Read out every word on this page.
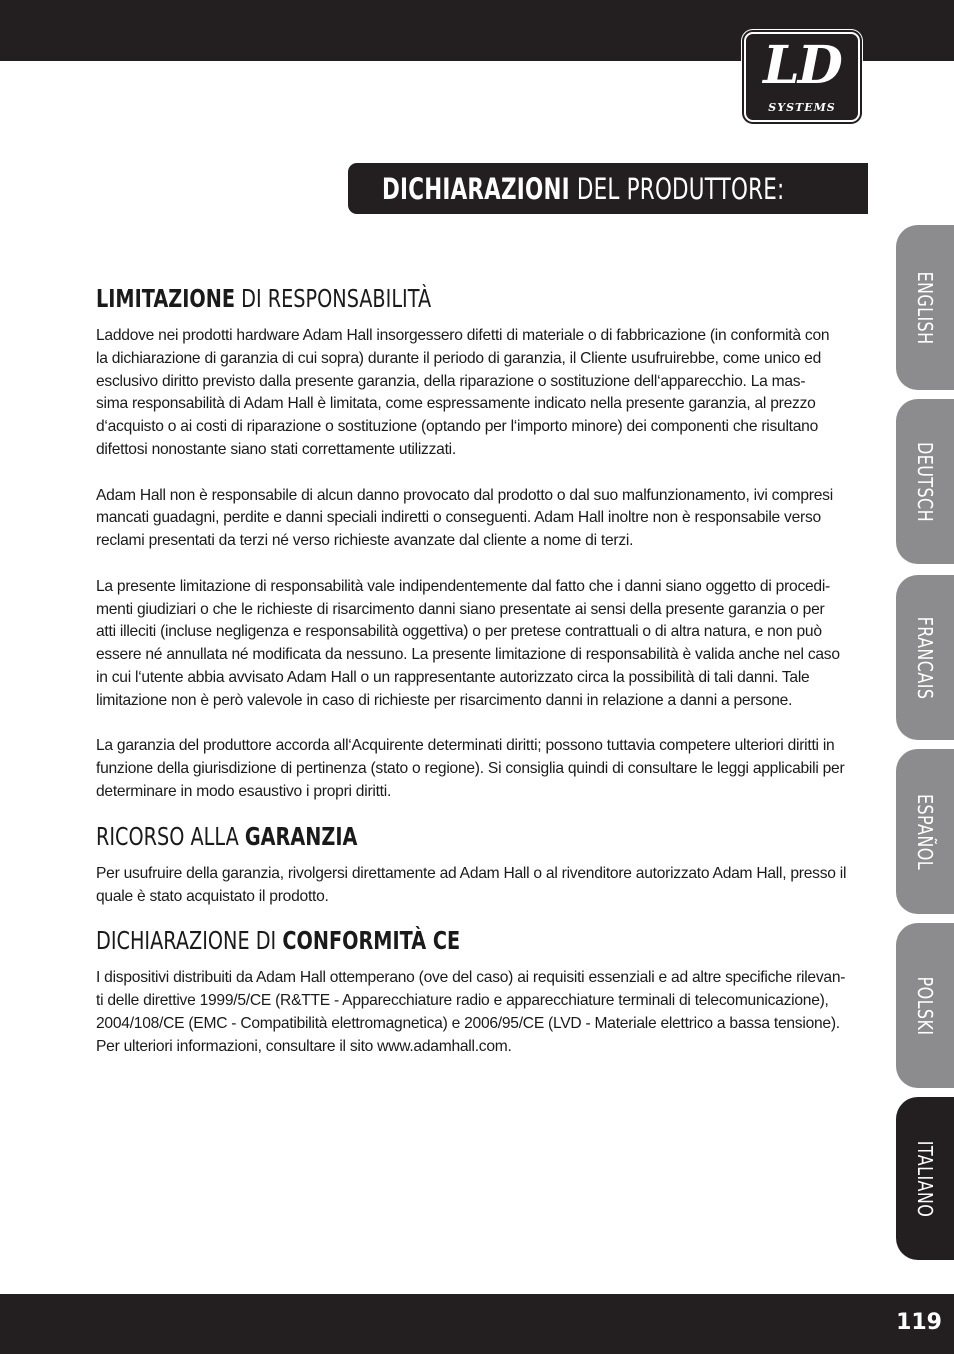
LD
SYSTEMS
DICHIARAZIONI DEL PRODUTTORE:
ENGLISH
DEUTSCH
FRANCAIS
ESPAÑOL
POLSKI
ITALIANO
LIMITAZIONE DI RESPONSABILITÀ

Laddove nei prodotti hardware Adam Hall insorgessero difetti di materiale o di fabbricazione (in conformità con

la dichiarazione di garanzia di cui sopra) durante il periodo di garanzia, il Cliente usufruirebbe, come unico ed

esclusivo diritto previsto dalla presente garanzia, della riparazione o sostituzione dell‘apparecchio. La mas-

sima responsabilità di Adam Hall è limitata, come espressamente indicato nella presente garanzia, al prezzo

d‘acquisto o ai costi di riparazione o sostituzione (optando per l‘importo minore) dei componenti che risultano

difettosi nonostante siano stati correttamente utilizzati.

Adam Hall non è responsabile di alcun danno provocato dal prodotto o dal suo malfunzionamento, ivi compresi

mancati guadagni, perdite e danni speciali indiretti o conseguenti. Adam Hall inoltre non è responsabile verso

reclami presentati da terzi né verso richieste avanzate dal cliente a nome di terzi.

La presente limitazione di responsabilità vale indipendentemente dal fatto che i danni siano oggetto di procedi-

menti giudiziari o che le richieste di risarcimento danni siano presentate ai sensi della presente garanzia o per

atti illeciti (incluse negligenza e responsabilità oggettiva) o per pretese contrattuali o di altra natura, e non può

essere né annullata né modificata da nessuno. La presente limitazione di responsabilità è valida anche nel caso

in cui l‘utente abbia avvisato Adam Hall o un rappresentante autorizzato circa la possibilità di tali danni. Tale

limitazione non è però valevole in caso di richieste per risarcimento danni in relazione a danni a persone.

La garanzia del produttore accorda all‘Acquirente determinati diritti; possono tuttavia competere ulteriori diritti in

funzione della giurisdizione di pertinenza (stato o regione). Si consiglia quindi di consultare le leggi applicabili per

determinare in modo esaustivo i propri diritti.

RICORSO ALLA GARANZIA

Per usufruire della garanzia, rivolgersi direttamente ad Adam Hall o al rivenditore autorizzato Adam Hall, presso il

quale è stato acquistato il prodotto.

DICHIARAZIONE DI CONFORMITÀ CE

I dispositivi distribuiti da Adam Hall ottemperano (ove del caso) ai requisiti essenziali e ad altre specifiche rilevan-

ti delle direttive 1999/5/CE (R&TTE - Apparecchiature radio e apparecchiature terminali di telecomunicazione),

2004/108/CE (EMC - Compatibilità elettromagnetica) e 2006/95/CE (LVD - Materiale elettrico a bassa tensione).

Per ulteriori informazioni, consultare il sito www.adamhall.com.

119
